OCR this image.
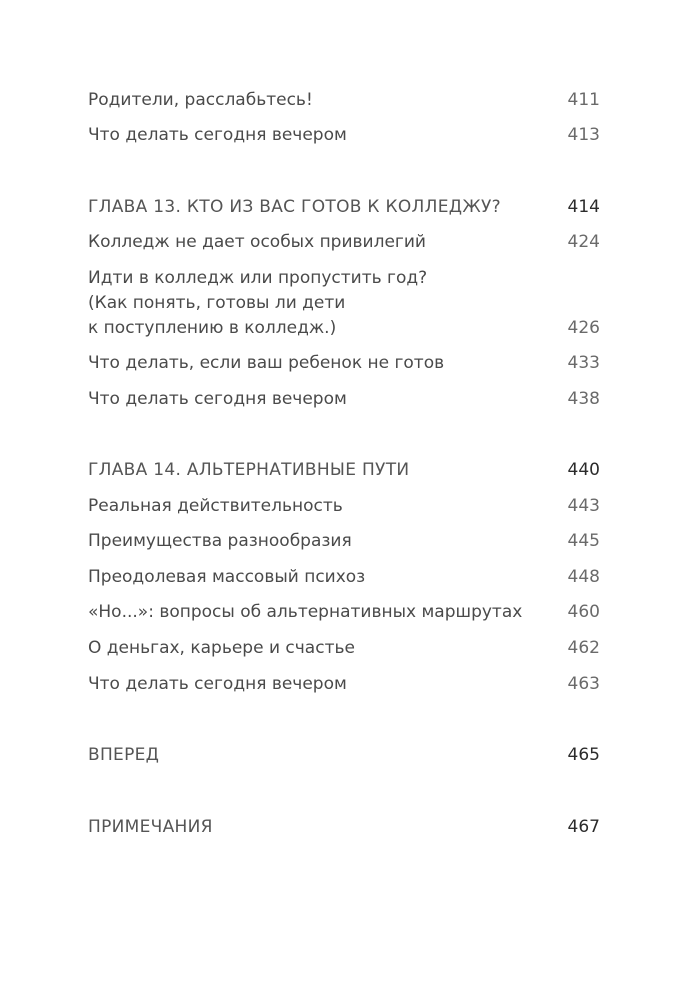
Родители, расслабьтесь!	411
Что делать сегодня вечером	413
ГЛАВА 13. КТО ИЗ ВАС ГОТОВ К КОЛЛЕДЖУ?	414
Колледж не дает особых привилегий	424
Идти в колледж или пропустить год?
(Как понять, готовы ли дети
к поступлению в колледж.)	426
Что делать, если ваш ребенок не готов	433
Что делать сегодня вечером	438
ГЛАВА 14. АЛЬТЕРНАТИВНЫЕ ПУТИ	440
Реальная действительность	443
Преимущества разнообразия	445
Преодолевая массовый психоз	448
«Но...»: вопросы об альтернативных маршрутах	460
О деньгах, карьере и счастье	462
Что делать сегодня вечером	463
ВПЕРЕД	465
ПРИМЕЧАНИЯ	467
